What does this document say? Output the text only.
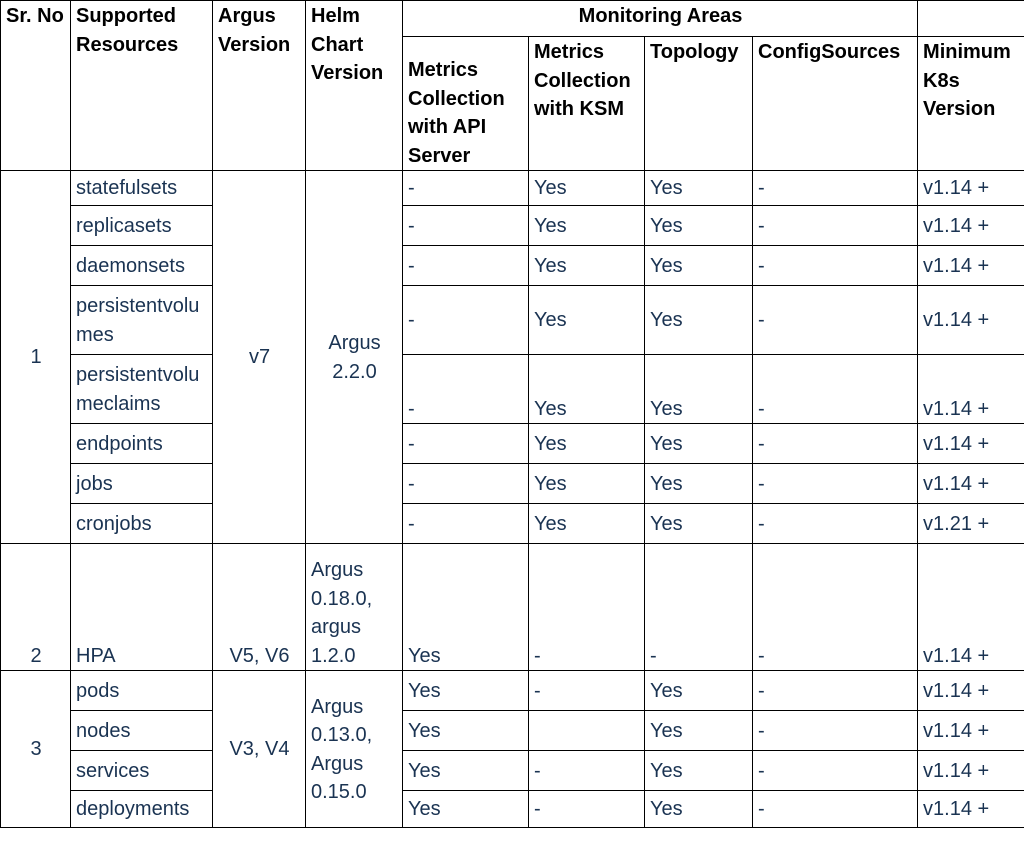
Sr. No	Supported Resources	Argus Version	Helm Chart Version	Monitoring Areas				
				Metrics Collection with API Server	Metrics Collection with KSM	Topology	ConfigSources	Minimum K8s Version
1	statefulsets	v7	Argus 2.2.0	-	Yes	Yes	-	v1.14 +
	replicasets			-	Yes	Yes	-	v1.14 +
	daemonsets			-	Yes	Yes	-	v1.14 +
	persistentvolumes			-	Yes	Yes	-	v1.14 +
	persistentvolumeclaims			-	Yes	Yes	-	v1.14 +
	endpoints			-	Yes	Yes	-	v1.14 +
	jobs			-	Yes	Yes	-	v1.14 +
	cronjobs			-	Yes	Yes	-	v1.21 +
2	HPA	V5, V6	Argus 0.18.0, argus 1.2.0	Yes	-	-	-	v1.14 +
3	pods	V3, V4	Argus 0.13.0, Argus 0.15.0	Yes	-	Yes	-	v1.14 +
	nodes			Yes		Yes	-	v1.14 +
	services			Yes	-	Yes	-	v1.14 +
	deployments			Yes	-	Yes	-	v1.14 +
